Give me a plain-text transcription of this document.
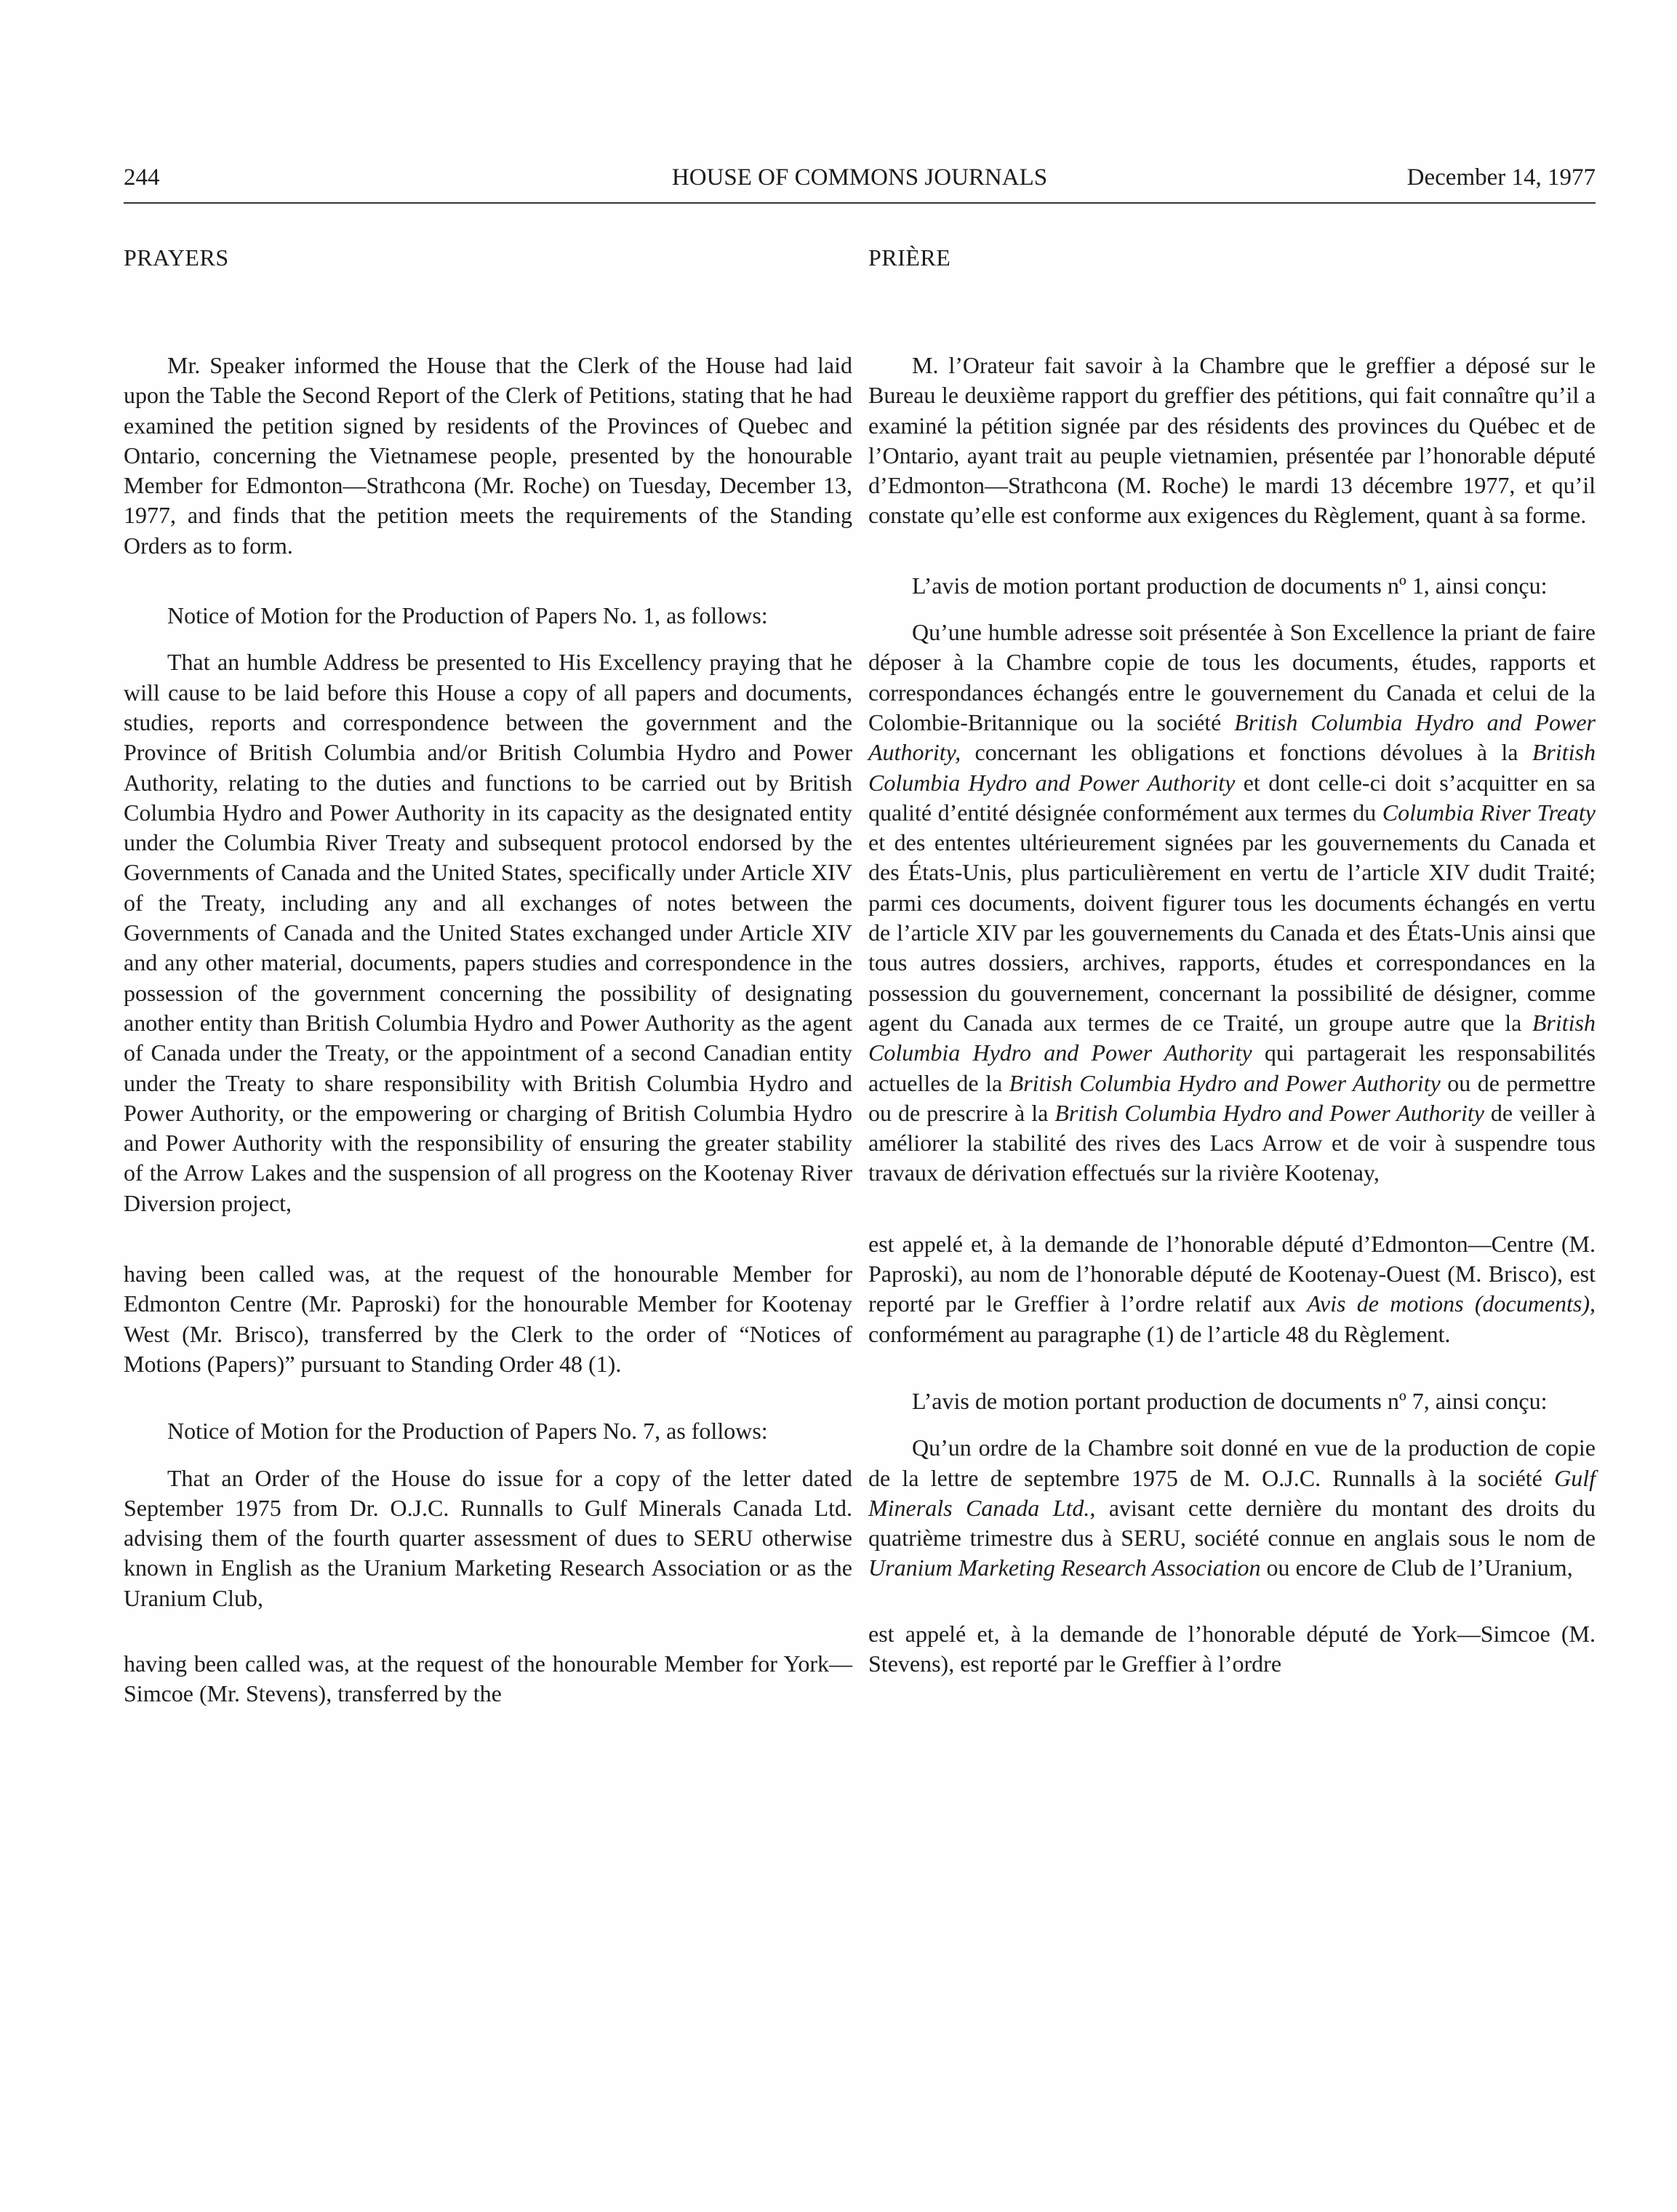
244	HOUSE OF COMMONS JOURNALS	December 14, 1977
PRAYERS

Mr. Speaker informed the House that the Clerk of the House had laid upon the Table the Second Report of the Clerk of Petitions, stating that he had examined the petition signed by residents of the Provinces of Quebec and Ontario, concerning the Vietnamese people, presented by the honourable Member for Edmonton—Strathcona (Mr. Roche) on Tuesday, December 13, 1977, and finds that the petition meets the requirements of the Standing Orders as to form.

Notice of Motion for the Production of Papers No. 1, as follows:

That an humble Address be presented to His Excellency praying that he will cause to be laid before this House a copy of all papers and documents, studies, reports and correspondence between the government and the Province of British Columbia and/or British Columbia Hydro and Power Authority, relating to the duties and functions to be carried out by British Columbia Hydro and Power Authority in its capacity as the designated entity under the Columbia River Treaty and subsequent protocol endorsed by the Governments of Canada and the United States, specifically under Article XIV of the Treaty, including any and all exchanges of notes between the Governments of Canada and the United States exchanged under Article XIV and any other material, documents, papers studies and correspondence in the possession of the government concerning the possibility of designating another entity than British Columbia Hydro and Power Authority as the agent of Canada under the Treaty, or the appointment of a second Canadian entity under the Treaty to share responsibility with British Columbia Hydro and Power Authority, or the empowering or charging of British Columbia Hydro and Power Authority with the responsibility of ensuring the greater stability of the Arrow Lakes and the suspension of all progress on the Kootenay River Diversion project,

having been called was, at the request of the honourable Member for Edmonton Centre (Mr. Paproski) for the honourable Member for Kootenay West (Mr. Brisco), transferred by the Clerk to the order of “Notices of Motions (Papers)” pursuant to Standing Order 48 (1).

Notice of Motion for the Production of Papers No. 7, as follows:

That an Order of the House do issue for a copy of the letter dated September 1975 from Dr. O.J.C. Runnalls to Gulf Minerals Canada Ltd. advising them of the fourth quarter assessment of dues to SERU otherwise known in English as the Uranium Marketing Research Association or as the Uranium Club,

having been called was, at the request of the honourable Member for York—Simcoe (Mr. Stevens), transferred by the

PRIÈRE

M. l’Orateur fait savoir à la Chambre que le greffier a déposé sur le Bureau le deuxième rapport du greffier des pétitions, qui fait connaître qu’il a examiné la pétition signée par des résidents des provinces du Québec et de l’Ontario, ayant trait au peuple vietnamien, présentée par l’honorable député d’Edmonton—Strathcona (M. Roche) le mardi 13 décembre 1977, et qu’il constate qu’elle est conforme aux exigences du Règlement, quant à sa forme.

L’avis de motion portant production de documents nº 1, ainsi conçu:

Qu’une humble adresse soit présentée à Son Excellence la priant de faire déposer à la Chambre copie de tous les documents, études, rapports et correspondances échangés entre le gouvernement du Canada et celui de la Colombie-Britannique ou la société British Columbia Hydro and Power Authority, concernant les obligations et fonctions dévolues à la British Columbia Hydro and Power Authority et dont celle-ci doit s’acquitter en sa qualité d’entité désignée conformément aux termes du Columbia River Treaty et des ententes ultérieurement signées par les gouvernements du Canada et des États-Unis, plus particulièrement en vertu de l’article XIV dudit Traité; parmi ces documents, doivent figurer tous les documents échangés en vertu de l’article XIV par les gouvernements du Canada et des États-Unis ainsi que tous autres dossiers, archives, rapports, études et correspondances en la possession du gouvernement, concernant la possibilité de désigner, comme agent du Canada aux termes de ce Traité, un groupe autre que la British Columbia Hydro and Power Authority qui partagerait les responsabilités actuelles de la British Columbia Hydro and Power Authority ou de permettre ou de prescrire à la British Columbia Hydro and Power Authority de veiller à améliorer la stabilité des rives des Lacs Arrow et de voir à suspendre tous travaux de dérivation effectués sur la rivière Kootenay,

est appelé et, à la demande de l’honorable député d’Edmonton—Centre (M. Paproski), au nom de l’honorable député de Kootenay-Ouest (M. Brisco), est reporté par le Greffier à l’ordre relatif aux Avis de motions (documents), conformément au paragraphe (1) de l’article 48 du Règlement.

L’avis de motion portant production de documents nº 7, ainsi conçu:

Qu’un ordre de la Chambre soit donné en vue de la production de copie de la lettre de septembre 1975 de M. O.J.C. Runnalls à la société Gulf Minerals Canada Ltd., avisant cette dernière du montant des droits du quatrième trimestre dus à SERU, société connue en anglais sous le nom de Uranium Marketing Research Association ou encore de Club de l’Uranium,

est appelé et, à la demande de l’honorable député de York—Simcoe (M. Stevens), est reporté par le Greffier à l’ordre
